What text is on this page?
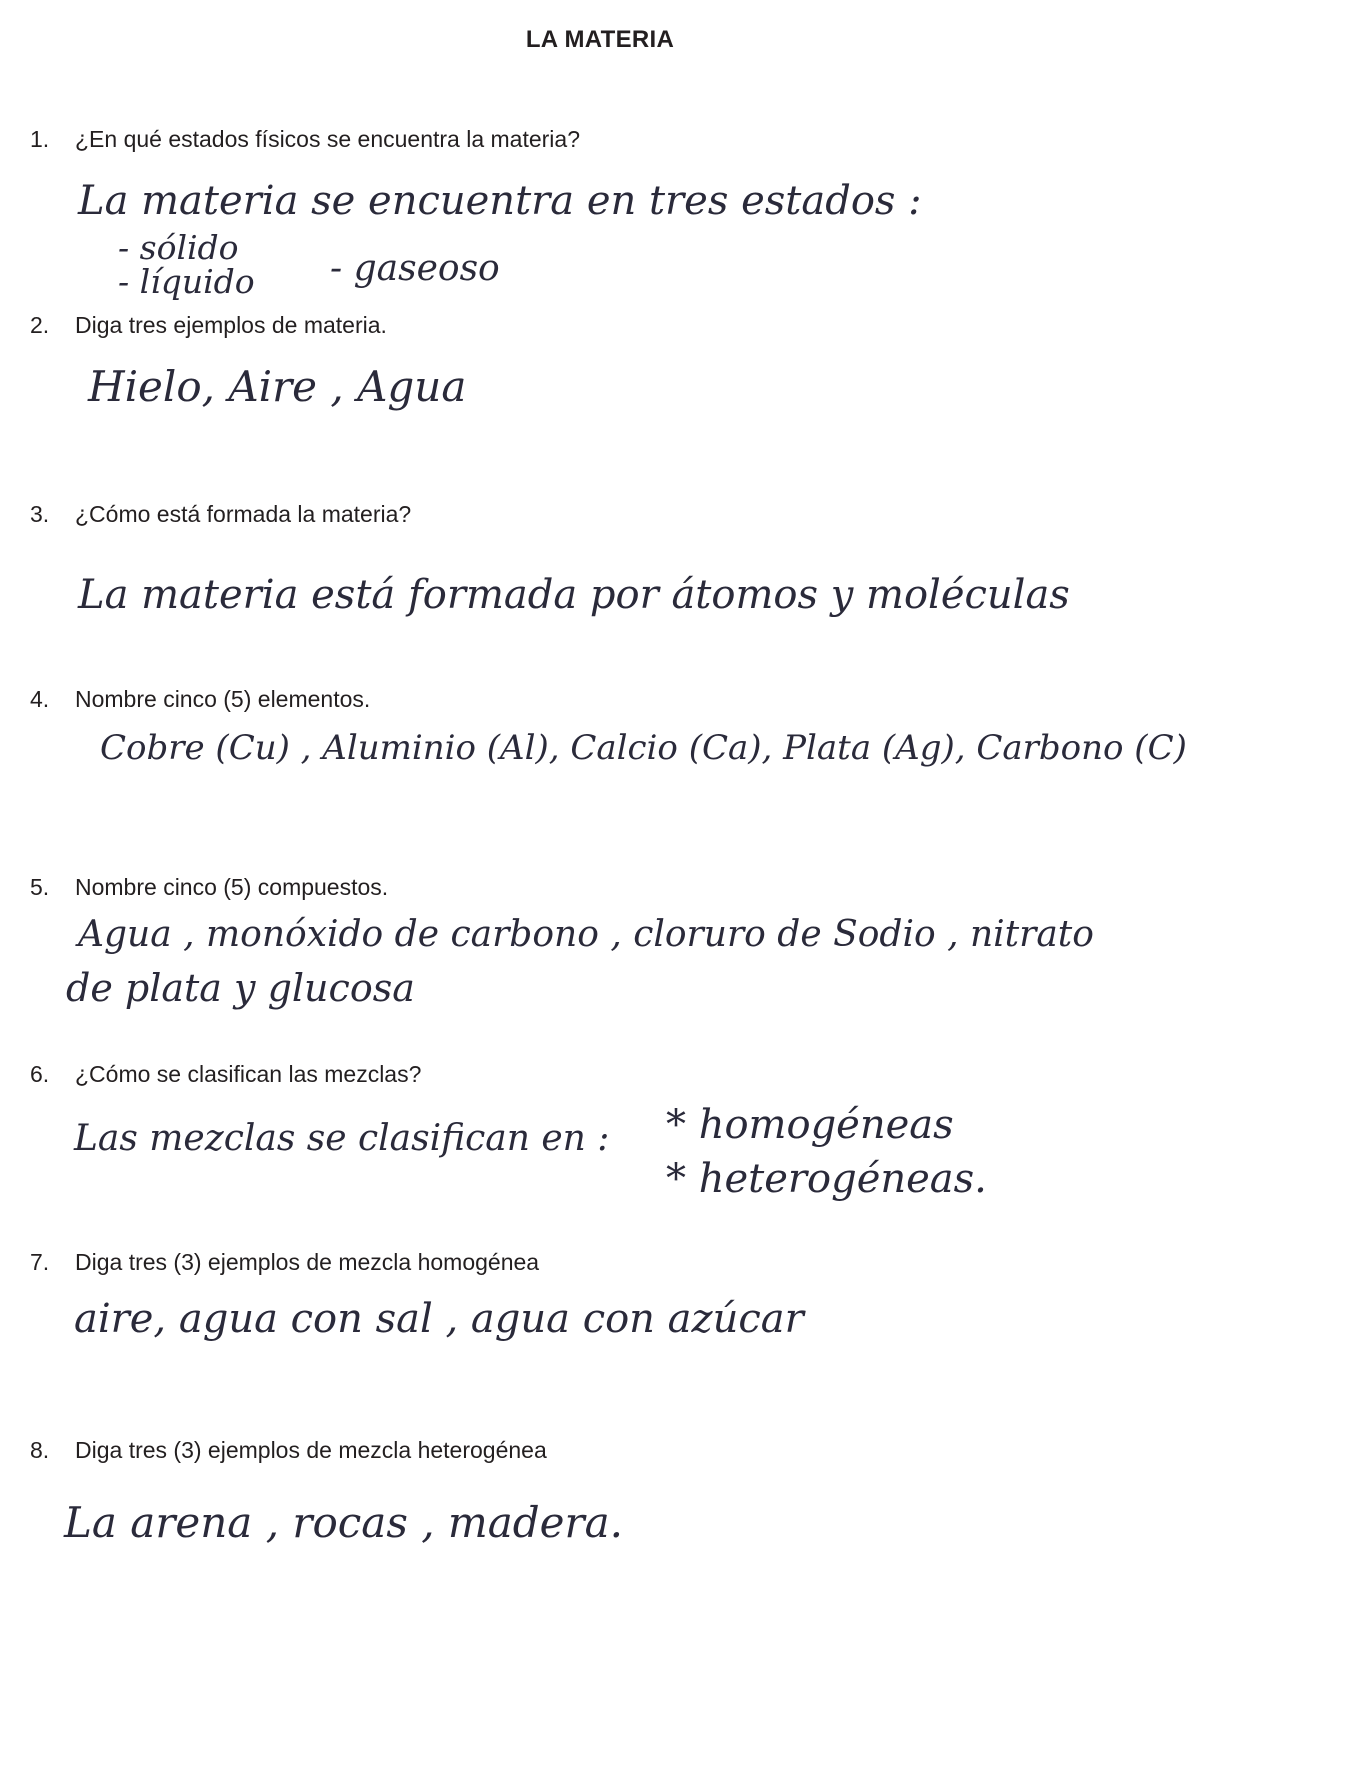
LA MATERIA
1. ¿En qué estados físicos se encuentra la materia?
La materia se encuentra en tres estados :
- sólido
- líquido - gaseoso
2. Diga tres ejemplos de materia.
Hielo, Aire , Agua
3. ¿Cómo está formada la materia?
La materia está formada por átomos y moléculas
4. Nombre cinco (5) elementos.
Cobre (Cu) , Aluminio (Al), Calcio (Ca), Plata (Ag), Carbono (C)
5. Nombre cinco (5) compuestos.
Agua , monóxido de carbono , cloruro de Sodio , nitrato
de plata y glucosa
6. ¿Cómo se clasifican las mezclas?
Las mezclas se clasifican en : * homogéneas
* heterogéneas.
7. Diga tres (3) ejemplos de mezcla homogénea
aire, agua con sal , agua con azúcar
8. Diga tres (3) ejemplos de mezcla heterogénea
La arena , rocas , madera.
